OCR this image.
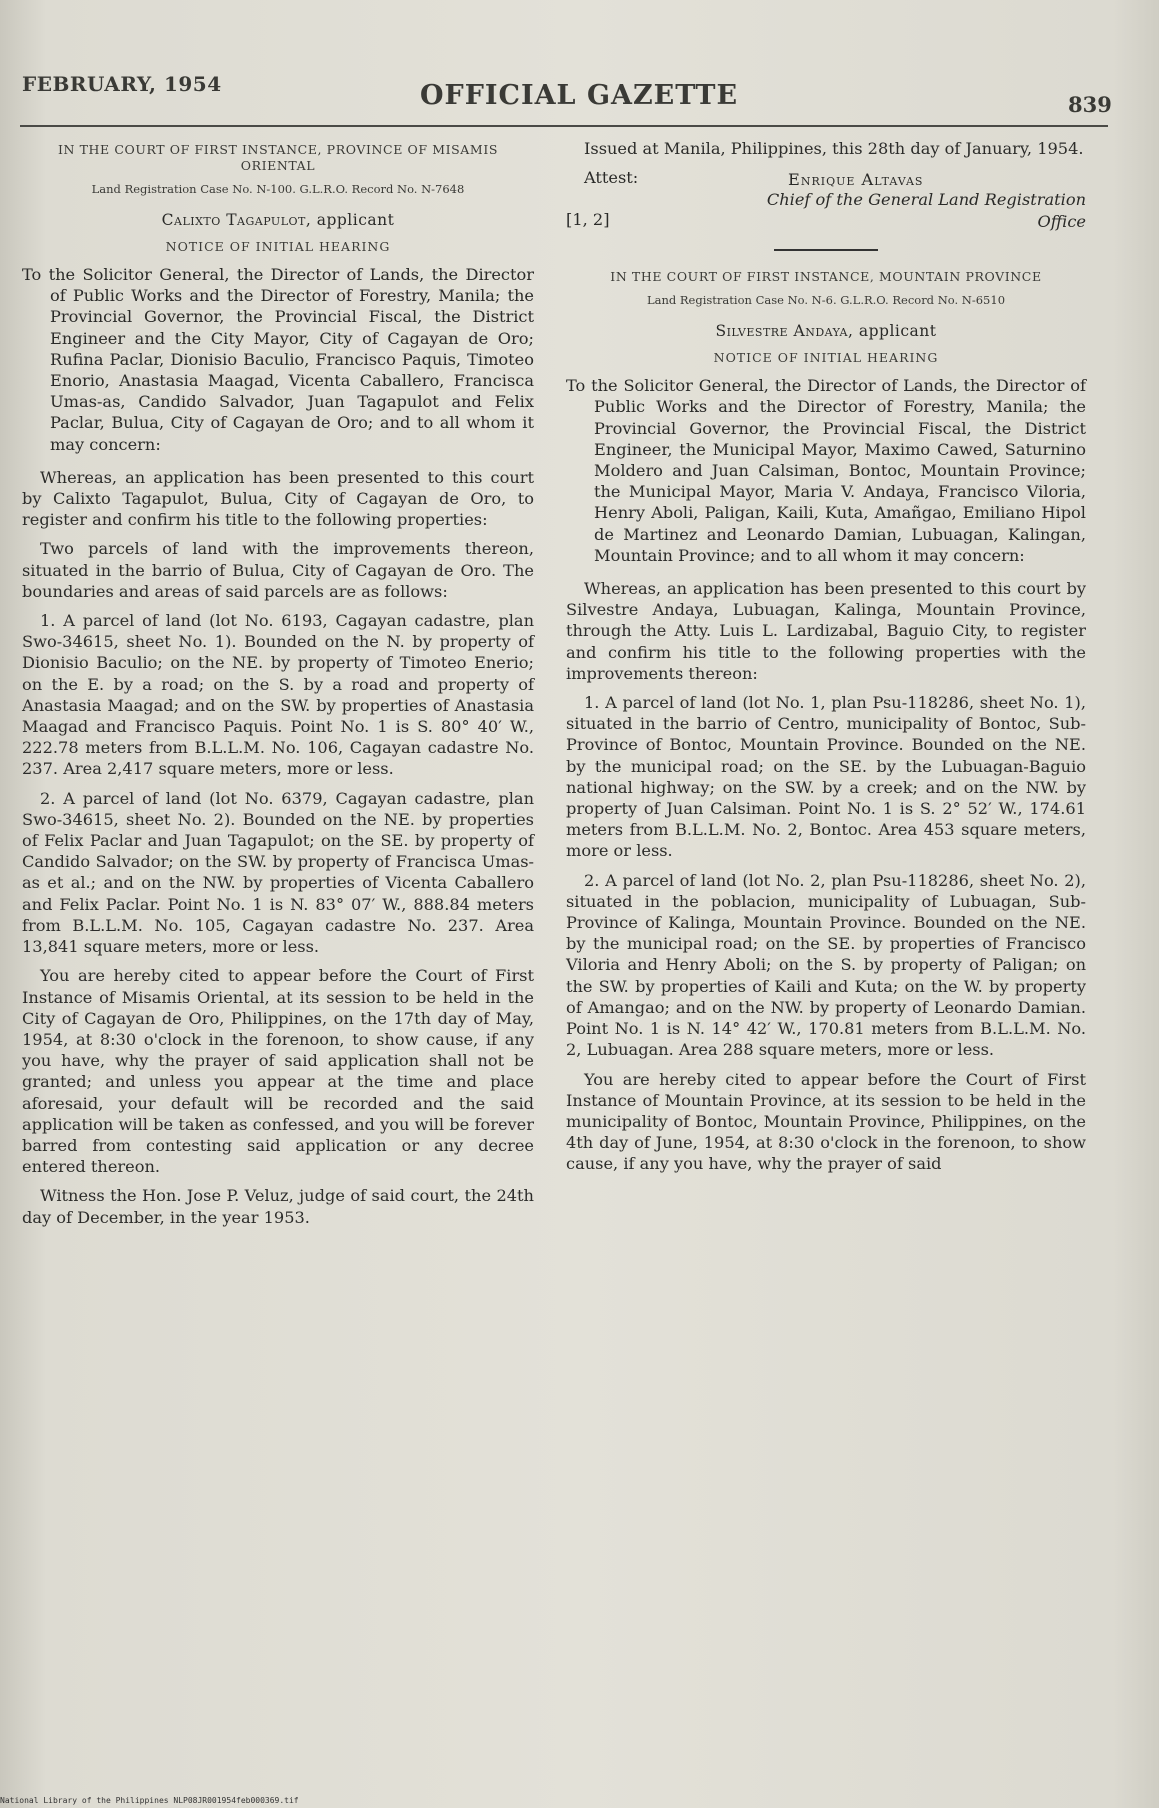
FEBRUARY, 1954	OFFICIAL GAZETTE	839
IN THE COURT OF FIRST INSTANCE, PROVINCE OF MISAMIS ORIENTAL
Land Registration Case No. N-100. G.L.R.O. Record No. N-7648
Calixto Tagapulot, applicant
NOTICE OF INITIAL HEARING
To the Solicitor General, the Director of Lands, the Director of Public Works and the Director of Forestry, Manila; the Provincial Governor, the Provincial Fiscal, the District Engineer and the City Mayor, City of Cagayan de Oro; Rufina Paclar, Dionisio Baculio, Francisco Paquis, Timoteo Enorio, Anastasia Maagad, Vicenta Caballero, Francisca Umas-as, Candido Salvador, Juan Tagapulot and Felix Paclar, Bulua, City of Cagayan de Oro; and to all whom it may concern:

Whereas, an application has been presented to this court by Calixto Tagapulot, Bulua, City of Cagayan de Oro, to register and confirm his title to the following properties:

Two parcels of land with the improvements thereon, situated in the barrio of Bulua, City of Cagayan de Oro. The boundaries and areas of said parcels are as follows:

1. A parcel of land (lot No. 6193, Cagayan cadastre, plan Swo-34615, sheet No. 1). Bounded on the N. by property of Dionisio Baculio; on the NE. by property of Timoteo Enerio; on the E. by a road; on the S. by a road and property of Anastasia Maagad; and on the SW. by properties of Anastasia Maagad and Francisco Paquis. Point No. 1 is S. 80° 40′ W., 222.78 meters from B.L.L.M. No. 106, Cagayan cadastre No. 237. Area 2,417 square meters, more or less.

2. A parcel of land (lot No. 6379, Cagayan cadastre, plan Swo-34615, sheet No. 2). Bounded on the NE. by properties of Felix Paclar and Juan Tagapulot; on the SE. by property of Candido Salvador; on the SW. by property of Francisca Umas-as et al.; and on the NW. by properties of Vicenta Caballero and Felix Paclar. Point No. 1 is N. 83° 07′ W., 888.84 meters from B.L.L.M. No. 105, Cagayan cadastre No. 237. Area 13,841 square meters, more or less.

You are hereby cited to appear before the Court of First Instance of Misamis Oriental, at its session to be held in the City of Cagayan de Oro, Philippines, on the 17th day of May, 1954, at 8:30 o'clock in the forenoon, to show cause, if any you have, why the prayer of said application shall not be granted; and unless you appear at the time and place aforesaid, your default will be recorded and the said application will be taken as confessed, and you will be forever barred from contesting said application or any decree entered thereon.

Witness the Hon. Jose P. Veluz, judge of said court, the 24th day of December, in the year 1953.

Issued at Manila, Philippines, this 28th day of January, 1954.

Attest:	Enrique Altavas
[1, 2]
Chief of the General Land Registration Office
IN THE COURT OF FIRST INSTANCE, MOUNTAIN PROVINCE
Land Registration Case No. N-6. G.L.R.O. Record No. N-6510
Silvestre Andaya, applicant
NOTICE OF INITIAL HEARING
To the Solicitor General, the Director of Lands, the Director of Public Works and the Director of Forestry, Manila; the Provincial Governor, the Provincial Fiscal, the District Engineer, the Municipal Mayor, Maximo Cawed, Saturnino Moldero and Juan Calsiman, Bontoc, Mountain Province; the Municipal Mayor, Maria V. Andaya, Francisco Viloria, Henry Aboli, Paligan, Kaili, Kuta, Amañgao, Emiliano Hipol de Martinez and Leonardo Damian, Lubuagan, Kalingan, Mountain Province; and to all whom it may concern:

Whereas, an application has been presented to this court by Silvestre Andaya, Lubuagan, Kalinga, Mountain Province, through the Atty. Luis L. Lardizabal, Baguio City, to register and confirm his title to the following properties with the improvements thereon:

1. A parcel of land (lot No. 1, plan Psu-118286, sheet No. 1), situated in the barrio of Centro, municipality of Bontoc, Sub-Province of Bontoc, Mountain Province. Bounded on the NE. by the municipal road; on the SE. by the Lubuagan-Baguio national highway; on the SW. by a creek; and on the NW. by property of Juan Calsiman. Point No. 1 is S. 2° 52′ W., 174.61 meters from B.L.L.M. No. 2, Bontoc. Area 453 square meters, more or less.

2. A parcel of land (lot No. 2, plan Psu-118286, sheet No. 2), situated in the poblacion, municipality of Lubuagan, Sub-Province of Kalinga, Mountain Province. Bounded on the NE. by the municipal road; on the SE. by properties of Francisco Viloria and Henry Aboli; on the S. by property of Paligan; on the SW. by properties of Kaili and Kuta; on the W. by property of Amangao; and on the NW. by property of Leonardo Damian. Point No. 1 is N. 14° 42′ W., 170.81 meters from B.L.L.M. No. 2, Lubuagan. Area 288 square meters, more or less.

You are hereby cited to appear before the Court of First Instance of Mountain Province, at its session to be held in the municipality of Bontoc, Mountain Province, Philippines, on the 4th day of June, 1954, at 8:30 o'clock in the forenoon, to show cause, if any you have, why the prayer of said

National Library of the Philippines NLP08JR001954feb000369.tif
